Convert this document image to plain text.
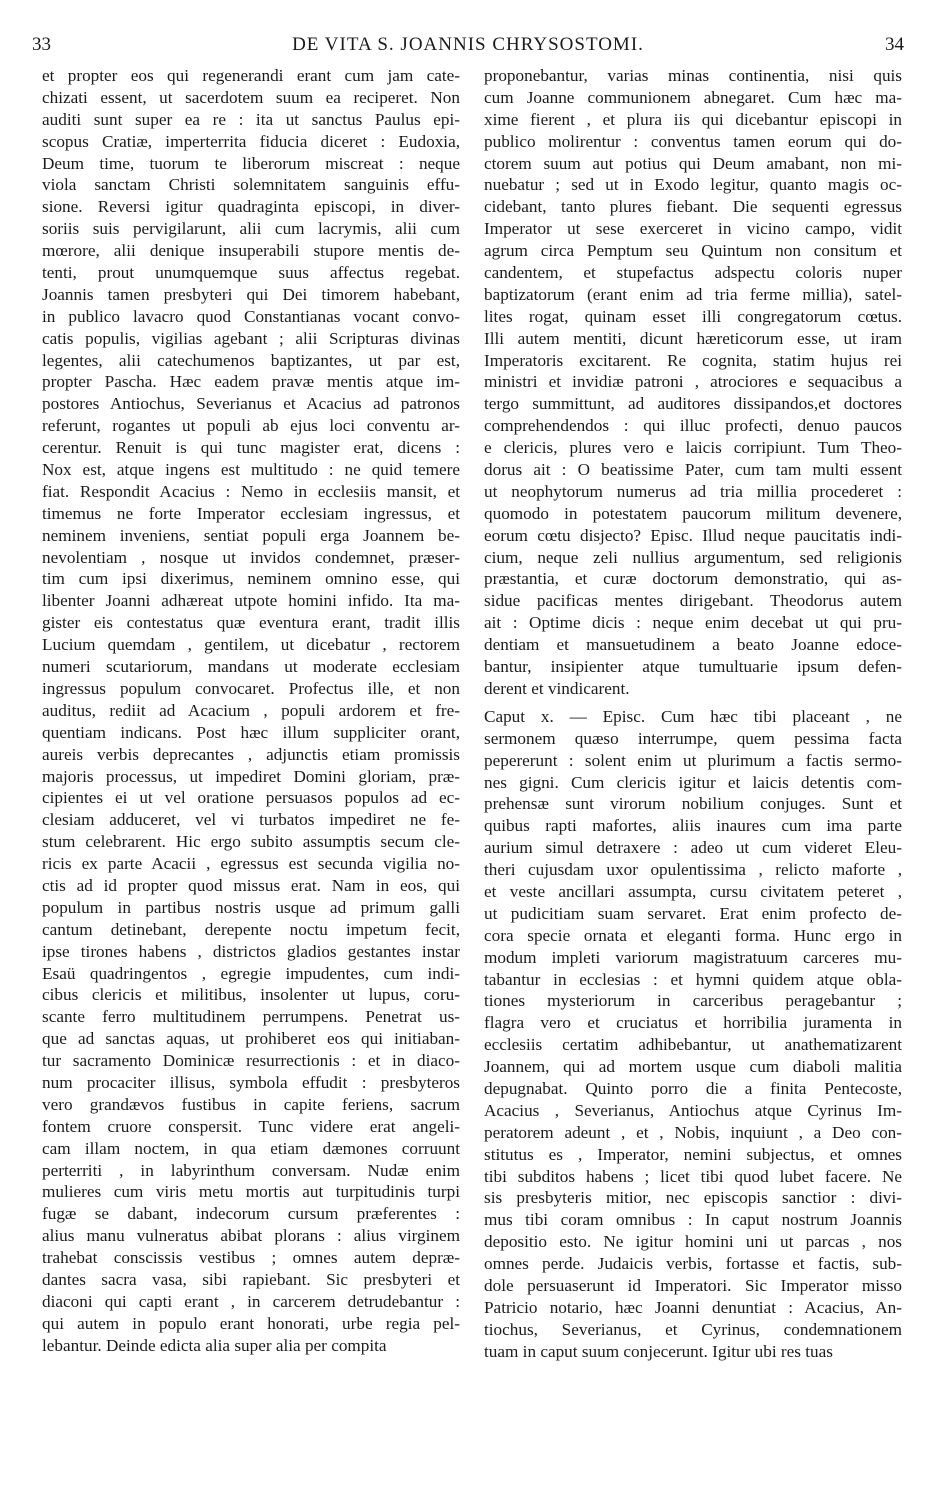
33	DE VITA S. JOANNIS CHRYSOSTOMI.	34
et propter eos qui regenerandi erant cum jam cate-
chizati essent, ut sacerdotem suum ea reciperet. Non
auditi sunt super ea re : ita ut sanctus Paulus epi-
scopus Cratiæ, imperterrita fiducia diceret : Eudoxia,
Deum time, tuorum te liberorum miscreat : neque
viola sanctam Christi solemnitatem sanguinis effu-
sione. Reversi igitur quadraginta episcopi, in diver-
soriis suis pervigilarunt, alii cum lacrymis, alii cum
mœrore, alii denique insuperabili stupore mentis de-
tenti, prout unumquemque suus affectus regebat.
Joannis tamen presbyteri qui Dei timorem habebant,
in publico lavacro quod Constantianas vocant convo-
catis populis, vigilias agebant ; alii Scripturas divinas
legentes, alii catechumenos baptizantes, ut par est,
propter Pascha. Hæc eadem pravæ mentis atque im-
postores Antiochus, Severianus et Acacius ad patronos
referunt, rogantes ut populi ab ejus loci conventu ar-
cerentur. Renuit is qui tunc magister erat, dicens :
Nox est, atque ingens est multitudo : ne quid temere
fiat. Respondit Acacius : Nemo in ecclesiis mansit, et
timemus ne forte Imperator ecclesiam ingressus, et
neminem inveniens, sentiat populi erga Joannem be-
nevolentiam , nosque ut invidos condemnet, præser-
tim cum ipsi dixerimus, neminem omnino esse, qui
libenter Joanni adhæreat utpote homini infido. Ita ma-
gister eis contestatus quæ eventura erant, tradit illis
Lucium quemdam , gentilem, ut dicebatur , rectorem
numeri scutariorum, mandans ut moderate ecclesiam
ingressus populum convocaret. Profectus ille, et non
auditus, rediit ad Acacium , populi ardorem et fre-
quentiam indicans. Post hæc illum suppliciter orant,
aureis verbis deprecantes , adjunctis etiam promissis
majoris processus, ut impediret Domini gloriam, præ-
cipientes ei ut vel oratione persuasos populos ad ec-
clesiam adduceret, vel vi turbatos impediret ne fe-
stum celebrarent. Hic ergo subito assumptis secum cle-
ricis ex parte Acacii , egressus est secunda vigilia no-
ctis ad id propter quod missus erat. Nam in eos, qui
populum in partibus nostris usque ad primum galli
cantum detinebant, derepente noctu impetum fecit,
ipse tirones habens , districtos gladios gestantes instar
Esaü quadringentos , egregie impudentes, cum indi-
cibus clericis et militibus, insolenter ut lupus, coru-
scante ferro multitudinem perrumpens. Penetrat us-
que ad sanctas aquas, ut prohiberet eos qui initiaban-
tur sacramento Dominicæ resurrectionis : et in diaco-
num procaciter illisus, symbola effudit : presbyteros
vero grandævos fustibus in capite feriens, sacrum
fontem cruore conspersit. Tunc videre erat angeli-
cam illam noctem, in qua etiam dæmones corruunt
perterriti , in labyrinthum conversam. Nudæ enim
mulieres cum viris metu mortis aut turpitudinis turpi
fugæ se dabant, indecorum cursum præferentes :
alius manu vulneratus abibat plorans : alius virginem
trahebat conscissis vestibus ; omnes autem depræ-
dantes sacra vasa, sibi rapiebant. Sic presbyteri et
diaconi qui capti erant , in carcerem detrudebantur :
qui autem in populo erant honorati, urbe regia pel-
lebantur. Deinde edicta alia super alia per compita
proponebantur, varias minas continentia, nisi quis
cum Joanne communionem abnegaret. Cum hæc ma-
xime fierent , et plura iis qui dicebantur episcopi in
publico molirentur : conventus tamen eorum qui do-
ctorem suum aut potius qui Deum amabant, non mi-
nuebatur ; sed ut in Exodo legitur, quanto magis oc-
cidebant, tanto plures fiebant. Die sequenti egressus
Imperator ut sese exerceret in vicino campo, vidit
agrum circa Pemptum seu Quintum non consitum et
candentem, et stupefactus adspectu coloris nuper
baptizatorum (erant enim ad tria ferme millia), satel-
lites rogat, quinam esset illi congregatorum cœtus.
Illi autem mentiti, dicunt hæreticorum esse, ut iram
Imperatoris excitarent. Re cognita, statim hujus rei
ministri et invidiæ patroni , atrociores e sequacibus a
tergo summittunt, ad auditores dissipandos,et doctores
comprehendendos : qui illuc profecti, denuo paucos
e clericis, plures vero e laicis corripiunt. Tum Theo-
dorus ait : O beatissime Pater, cum tam multi essent
ut neophytorum numerus ad tria millia procederet :
quomodo in potestatem paucorum militum devenere,
eorum cœtu disjecto? Episc. Illud neque paucitatis indi-
cium, neque zeli nullius argumentum, sed religionis
præstantia, et curæ doctorum demonstratio, qui as-
sidue pacificas mentes dirigebant. Theodorus autem
ait : Optime dicis : neque enim decebat ut qui pru-
dentiam et mansuetudinem a beato Joanne edoce-
bantur, insipienter atque tumultuarie ipsum defen-
derent et vindicarent.
Caput x. — Episc. Cum hæc tibi placeant , ne
sermonem quæso interrumpe, quem pessima facta
pepererunt : solent enim ut plurimum a factis sermo-
nes gigni. Cum clericis igitur et laicis detentis com-
prehensæ sunt virorum nobilium conjuges. Sunt et
quibus rapti mafortes, aliis inaures cum ima parte
aurium simul detraxere : adeo ut cum videret Eleu-
theri cujusdam uxor opulentissima , relicto maforte ,
et veste ancillari assumpta, cursu civitatem peteret ,
ut pudicitiam suam servaret. Erat enim profecto de-
cora specie ornata et eleganti forma. Hunc ergo in
modum impleti variorum magistratuum carceres mu-
tabantur in ecclesias : et hymni quidem atque obla-
tiones mysteriorum in carceribus peragebantur ;
flagra vero et cruciatus et horribilia juramenta in
ecclesiis certatim adhibebantur, ut anathematizarent
Joannem, qui ad mortem usque cum diaboli malitia
depugnabat. Quinto porro die a finita Pentecoste,
Acacius , Severianus, Antiochus atque Cyrinus Im-
peratorem adeunt , et , Nobis, inquiunt , a Deo con-
stitutus es , Imperator, nemini subjectus, et omnes
tibi subditos habens ; licet tibi quod lubet facere. Ne
sis presbyteris mitior, nec episcopis sanctior : divi-
mus tibi coram omnibus : In caput nostrum Joannis
depositio esto. Ne igitur homini uni ut parcas , nos
omnes perde. Judaicis verbis, fortasse et factis, sub-
dole persuaserunt id Imperatori. Sic Imperator misso
Patricio notario, hæc Joanni denuntiat : Acacius, An-
tiochus, Severianus, et Cyrinus, condemnationem
tuam in caput suum conjecerunt. Igitur ubi res tuas
